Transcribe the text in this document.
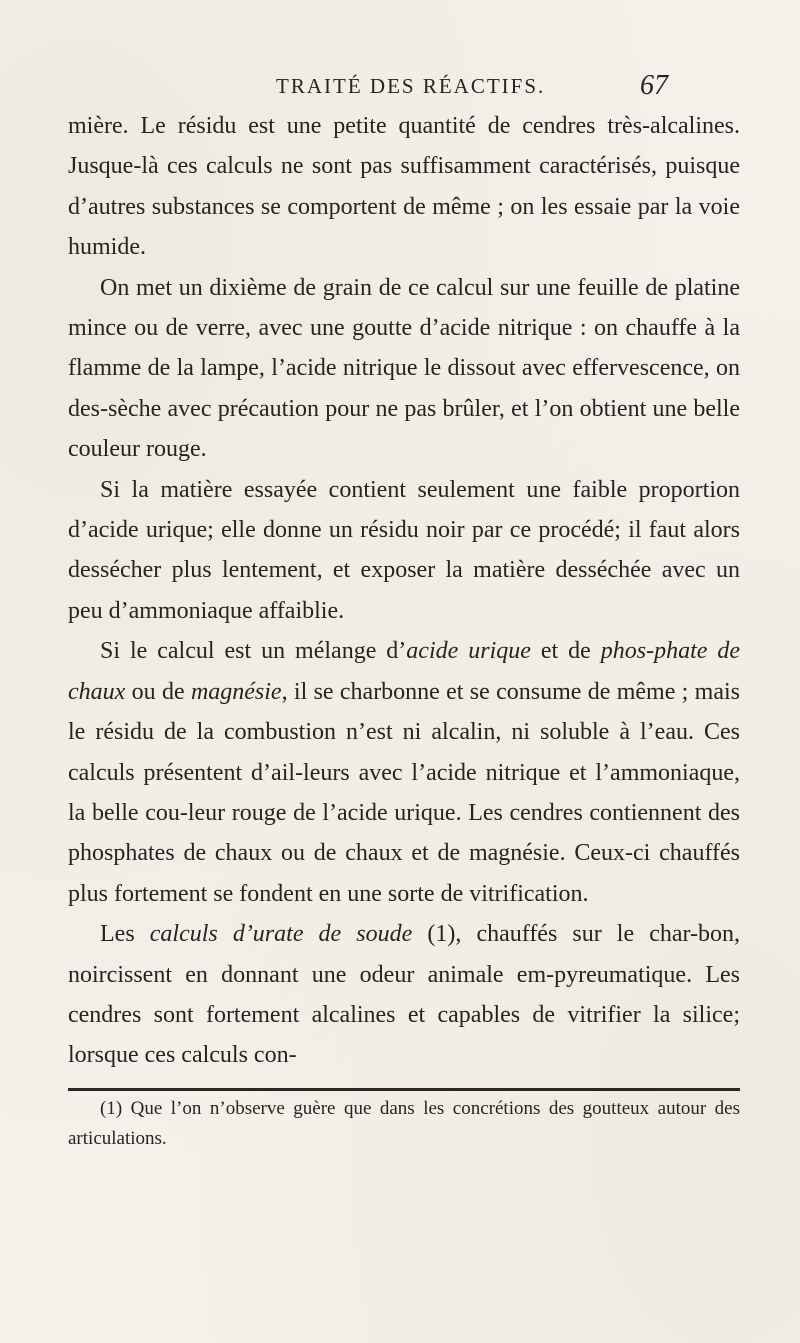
TRAITÉ DES RÉACTIFS.	67

mière. Le résidu est une petite quantité de cendres très-alcalines. Jusque-là ces calculs ne sont pas suffisamment caractérisés, puisque d’autres substances se comportent de même ; on les essaie par la voie humide.

On met un dixième de grain de ce calcul sur une feuille de platine mince ou de verre, avec une goutte d’acide nitrique : on chauffe à la flamme de la lampe, l’acide nitrique le dissout avec effervescence, on des-sèche avec précaution pour ne pas brûler, et l’on obtient une belle couleur rouge.

Si la matière essayée contient seulement une faible proportion d’acide urique; elle donne un résidu noir par ce procédé; il faut alors dessécher plus lentement, et exposer la matière desséchée avec un peu d’ammoniaque affaiblie.

Si le calcul est un mélange d’acide urique et de phos-phate de chaux ou de magnésie, il se charbonne et se consume de même ; mais le résidu de la combustion n’est ni alcalin, ni soluble à l’eau. Ces calculs présentent d’ail-leurs avec l’acide nitrique et l’ammoniaque, la belle cou-leur rouge de l’acide urique. Les cendres contiennent des phosphates de chaux ou de chaux et de magnésie. Ceux-ci chauffés plus fortement se fondent en une sorte de vitrification.

Les calculs d’urate de soude (1), chauffés sur le char-bon, noircissent en donnant une odeur animale em-pyreumatique. Les cendres sont fortement alcalines et capables de vitrifier la silice; lorsque ces calculs con-

(1) Que l’on n’observe guère que dans les concrétions des goutteux autour des articulations.
